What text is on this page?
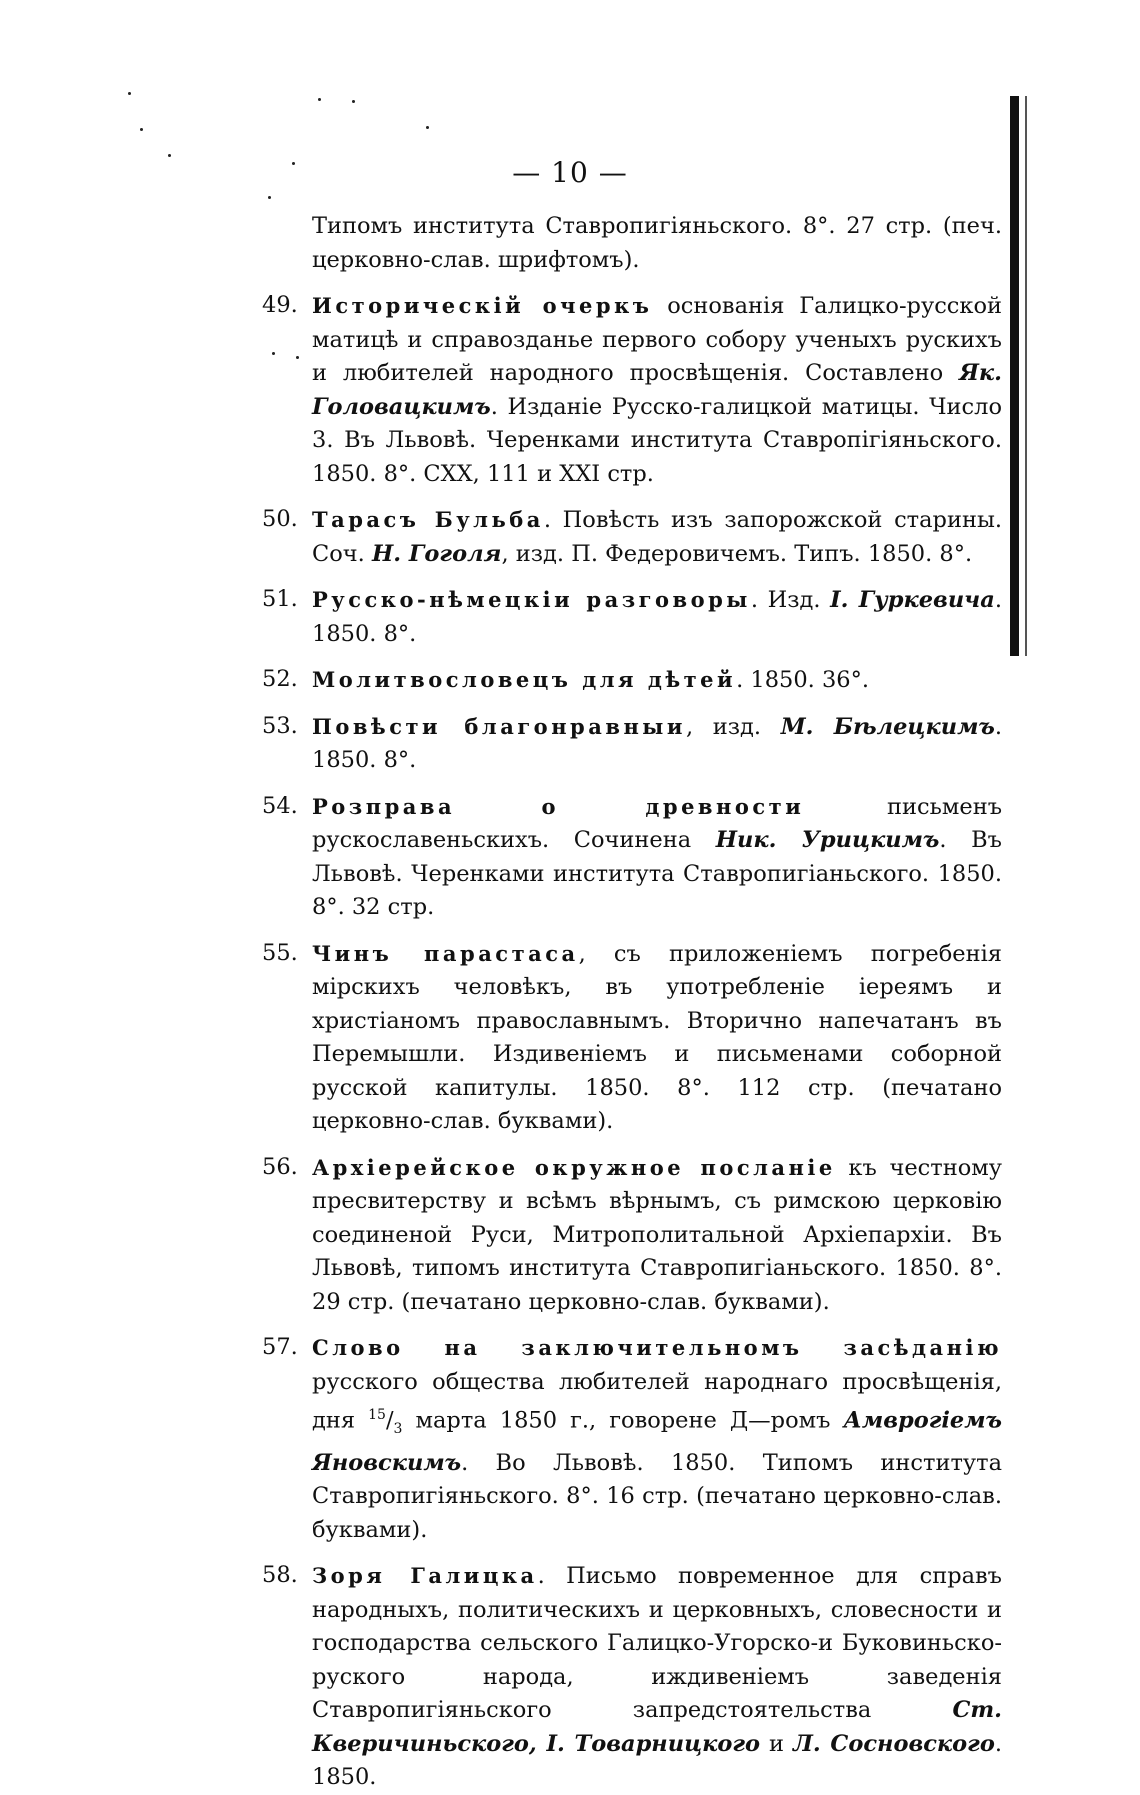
— 10 —
Типомъ института Ставропигіяньского. 8°. 27 стр. (печ. церковно-слав. шрифтомъ).
49. Историческій очеркъ основанія Галицко-русской матицѣ и справозданье первого собору ученыхъ рускихъ и любителей народного просвѣщенія. Составлено Як. Головацкимъ. Изданіе Русско-галицкой матицы. Число 3. Въ Львовѣ. Черенками института Ставропігіяньского. 1850. 8°. CXX, 111 и XXI стр.
50. Тарасъ Бульба. Повѣсть изъ запорожской старины. Соч. Н. Гоголя, изд. П. Федеровичемъ. Типъ. 1850. 8°.
51. Русско-нѣмецкіи разговоры. Изд. I. Гуркевича. 1850. 8°.
52. Молитвословецъ для дѣтей. 1850. 36°.
53. Повѣсти благонравныи, изд. М. Бѣлецкимъ. 1850. 8°.
54. Розправа о древности письменъ рускославеньскихъ. Сочинена Ник. Урицкимъ. Въ Львовѣ. Черенками института Ставропигіаньского. 1850. 8°. 32 стр.
55. Чинъ парастаса, съ приложеніемъ погребенія мірскихъ человѣкъ, въ употребленіе іереямъ и христіаномъ православнымъ. Вторично напечатанъ въ Перемышли. Издивеніемъ и письменами соборной русской капитулы. 1850. 8°. 112 стр. (печатано церковно-слав. буквами).
56. Архіерейское окружное посланіе къ честному пресвитерству и всѣмъ вѣрнымъ, съ римскою церковію соединеной Руси, Митрополитальной Архіепархіи. Въ Львовѣ, типомъ института Ставропигіаньского. 1850. 8°. 29 стр. (печатано церковно-слав. буквами).
57. Слово на заключительномъ засѣданію русского общества любителей народнаго просвѣщенія, дня $^{15}/_3$ марта 1850 г., говорене Д—ромъ Амврогіемъ Яновскимъ. Во Львовѣ. 1850. Типомъ института Ставропигіяньского. 8°. 16 стр. (печатано церковно-слав. буквами).
58. Зоря Галицка. Письмо повременное для справъ народныхъ, политическихъ и церковныхъ, словесности и господарства сельского Галицко-Угорско-и Буковиньско-руского народа, иждивеніемъ заведенія Ставропигіяньского запредстоятельства Ст. Кверичиньского, I. Товарницкого и Л. Сосновского. 1850.
